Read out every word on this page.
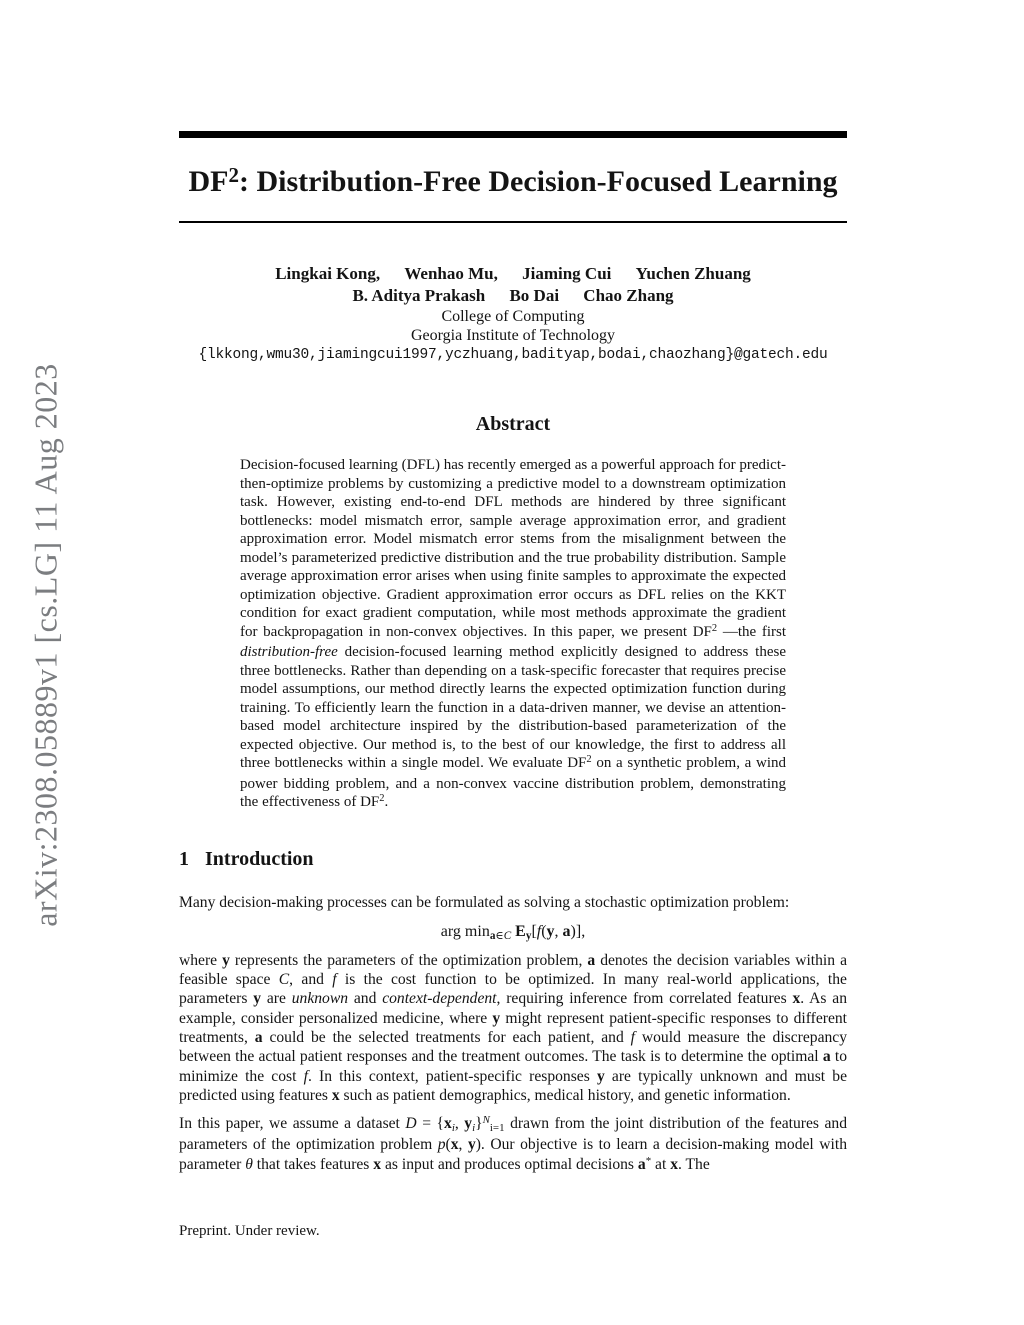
arXiv:2308.05889v1 [cs.LG] 11 Aug 2023
$DF^2$: Distribution-Free Decision-Focused Learning
Lingkai Kong, Wenhao Mu, Jiaming Cui Yuchen Zhuang
B. Aditya Prakash Bo Dai Chao Zhang
College of Computing
Georgia Institute of Technology
{lkkong,wmu30,jiamingcui1997,yczhuang,badityap,bodai,chaozhang}@gatech.edu
Abstract

Decision-focused learning (DFL) has recently emerged as a powerful approach for predict-then-optimize problems by customizing a predictive model to a downstream optimization task. However, existing end-to-end DFL methods are hindered by three significant bottlenecks: model mismatch error, sample average approximation error, and gradient approximation error. Model mismatch error stems from the misalignment between the model’s parameterized predictive distribution and the true probability distribution. Sample average approximation error arises when using finite samples to approximate the expected optimization objective. Gradient approximation error occurs as DFL relies on the KKT condition for exact gradient computation, while most methods approximate the gradient for backpropagation in non-convex objectives. In this paper, we present $DF^2$ —the first distribution-free decision-focused learning method explicitly designed to address these three bottlenecks. Rather than depending on a task-specific forecaster that requires precise model assumptions, our method directly learns the expected optimization function during training. To efficiently learn the function in a data-driven manner, we devise an attention-based model architecture inspired by the distribution-based parameterization of the expected objective. Our method is, to the best of our knowledge, the first to address all three bottlenecks within a single model. We evaluate $DF^2$ on a synthetic problem, a wind power bidding problem, and a non-convex vaccine distribution problem, demonstrating the effectiveness of $DF^2$.

1 Introduction

Many decision-making processes can be formulated as solving a stochastic optimization problem:

arg mina∈C Ey[f(y, a)],

where y represents the parameters of the optimization problem, a denotes the decision variables within a feasible space C, and f is the cost function to be optimized. In many real-world applications, the parameters y are unknown and context-dependent, requiring inference from correlated features x. As an example, consider personalized medicine, where y might represent patient-specific responses to different treatments, a could be the selected treatments for each patient, and f would measure the discrepancy between the actual patient responses and the treatment outcomes. The task is to determine the optimal a to minimize the cost f. In this context, patient-specific responses y are typically unknown and must be predicted using features x such as patient demographics, medical history, and genetic information.

In this paper, we assume a dataset D = {xi, yi}$^N$i=1 drawn from the joint distribution of the features and parameters of the optimization problem p(x, y). Our objective is to learn a decision-making model with parameter θ that takes features x as input and produces optimal decisions a* at x. The

Preprint. Under review.
